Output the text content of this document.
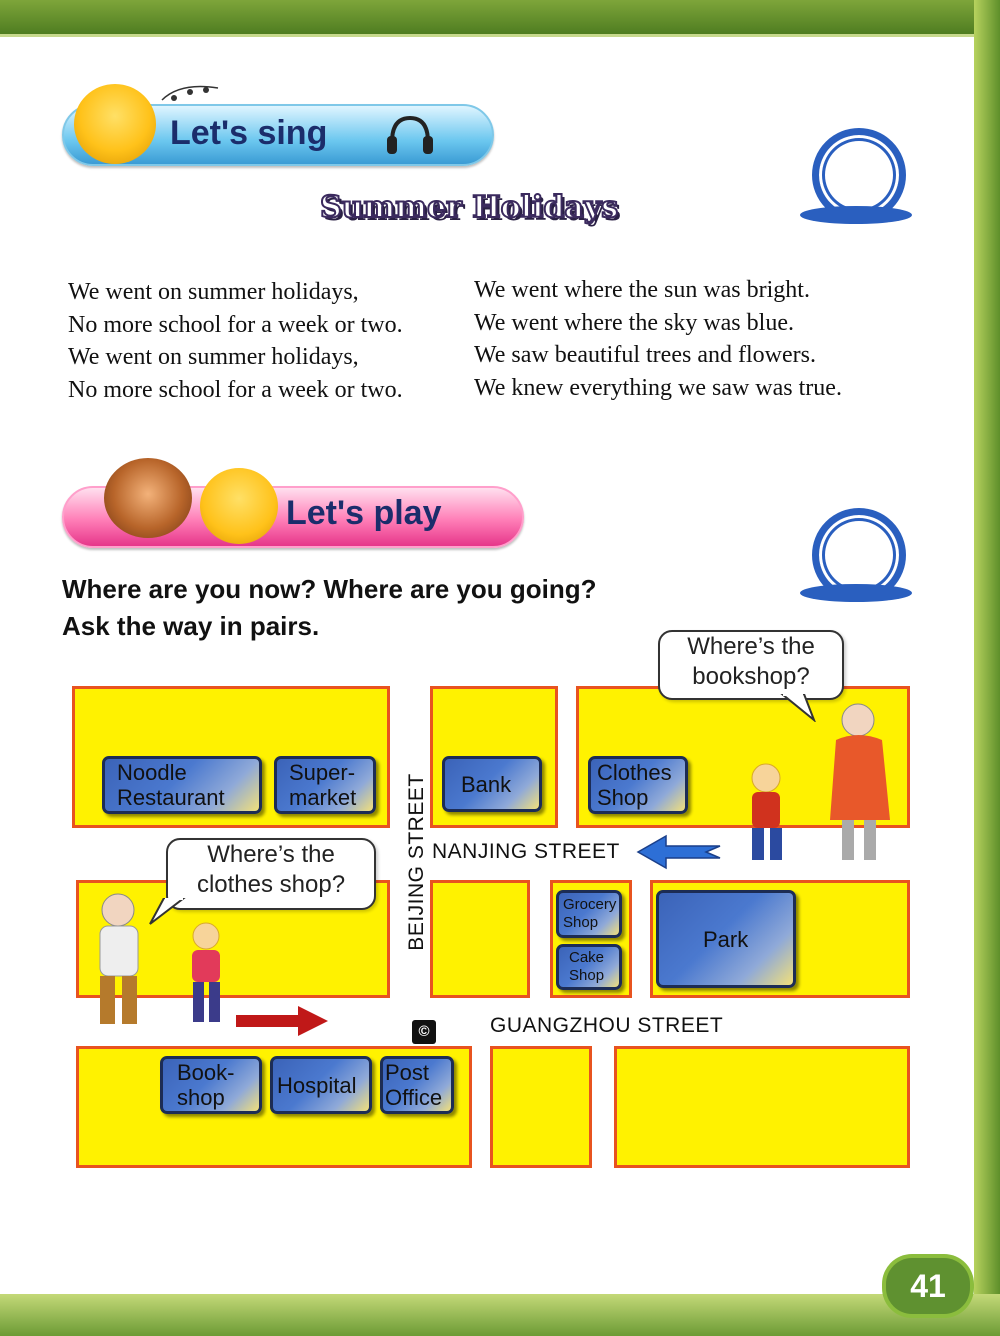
Let's sing
Summer Holidays
We went on summer holidays,
No more school for a week or two.
We went on summer holidays,
No more school for a week or two.
We went where the sun was bright.
We went where the sky was blue.
We saw beautiful trees and flowers.
We knew everything we saw was true.
Let's play
Where are you now? Where are you going?
Ask the way in pairs.
Noodle
Restaurant
Super-
market
Bank	Clothes
Shop
Grocery
Shop
Cake
Shop
Park
Book-
shop	Hospital	Post
Office
NANJING STREET
GUANGZHOU STREET
BEIJING STREET
©
Where’s the
bookshop?
Where’s the
clothes shop?
41
